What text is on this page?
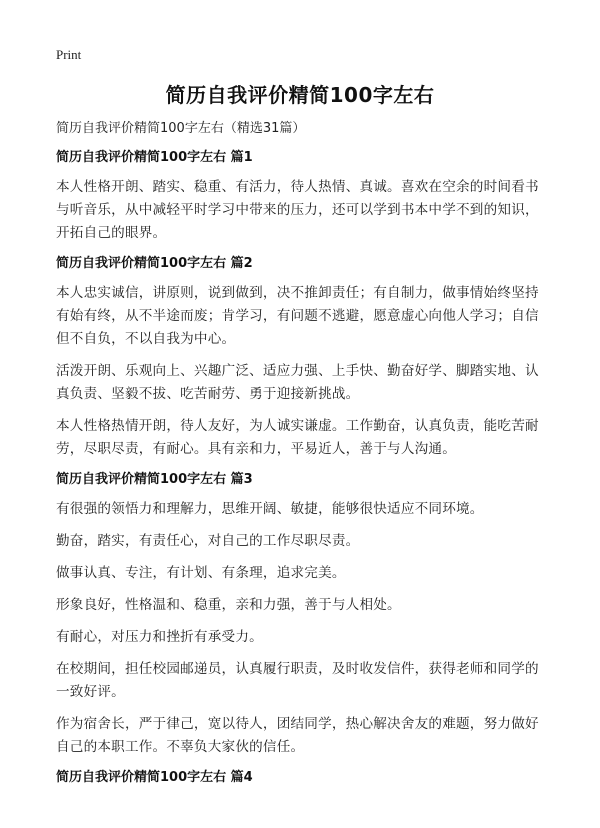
Print
简历自我评价精简100字左右
简历自我评价精简100字左右（精选31篇）
简历自我评价精简100字左右 篇1

本人性格开朗、踏实、稳重、有活力，待人热情、真诚。喜欢在空余的时间看书与听音乐，从中减轻平时学习中带来的压力，还可以学到书本中学不到的知识，开拓自己的眼界。

简历自我评价精简100字左右 篇2

本人忠实诚信，讲原则，说到做到，决不推卸责任；有自制力，做事情始终坚持有始有终，从不半途而废；肯学习，有问题不逃避，愿意虚心向他人学习；自信但不自负，不以自我为中心。

活泼开朗、乐观向上、兴趣广泛、适应力强、上手快、勤奋好学、脚踏实地、认真负责、坚毅不拔、吃苦耐劳、勇于迎接新挑战。

本人性格热情开朗，待人友好，为人诚实谦虚。工作勤奋，认真负责，能吃苦耐劳，尽职尽责，有耐心。具有亲和力，平易近人，善于与人沟通。

简历自我评价精简100字左右 篇3

有很强的领悟力和理解力，思维开阔、敏捷，能够很快适应不同环境。

勤奋，踏实，有责任心，对自己的工作尽职尽责。

做事认真、专注，有计划、有条理，追求完美。

形象良好，性格温和、稳重，亲和力强，善于与人相处。

有耐心，对压力和挫折有承受力。

在校期间，担任校园邮递员，认真履行职责，及时收发信件，获得老师和同学的一致好评。

作为宿舍长，严于律己，宽以待人，团结同学，热心解决舍友的难题，努力做好自己的本职工作。不辜负大家伙的信任。

简历自我评价精简100字左右 篇4
